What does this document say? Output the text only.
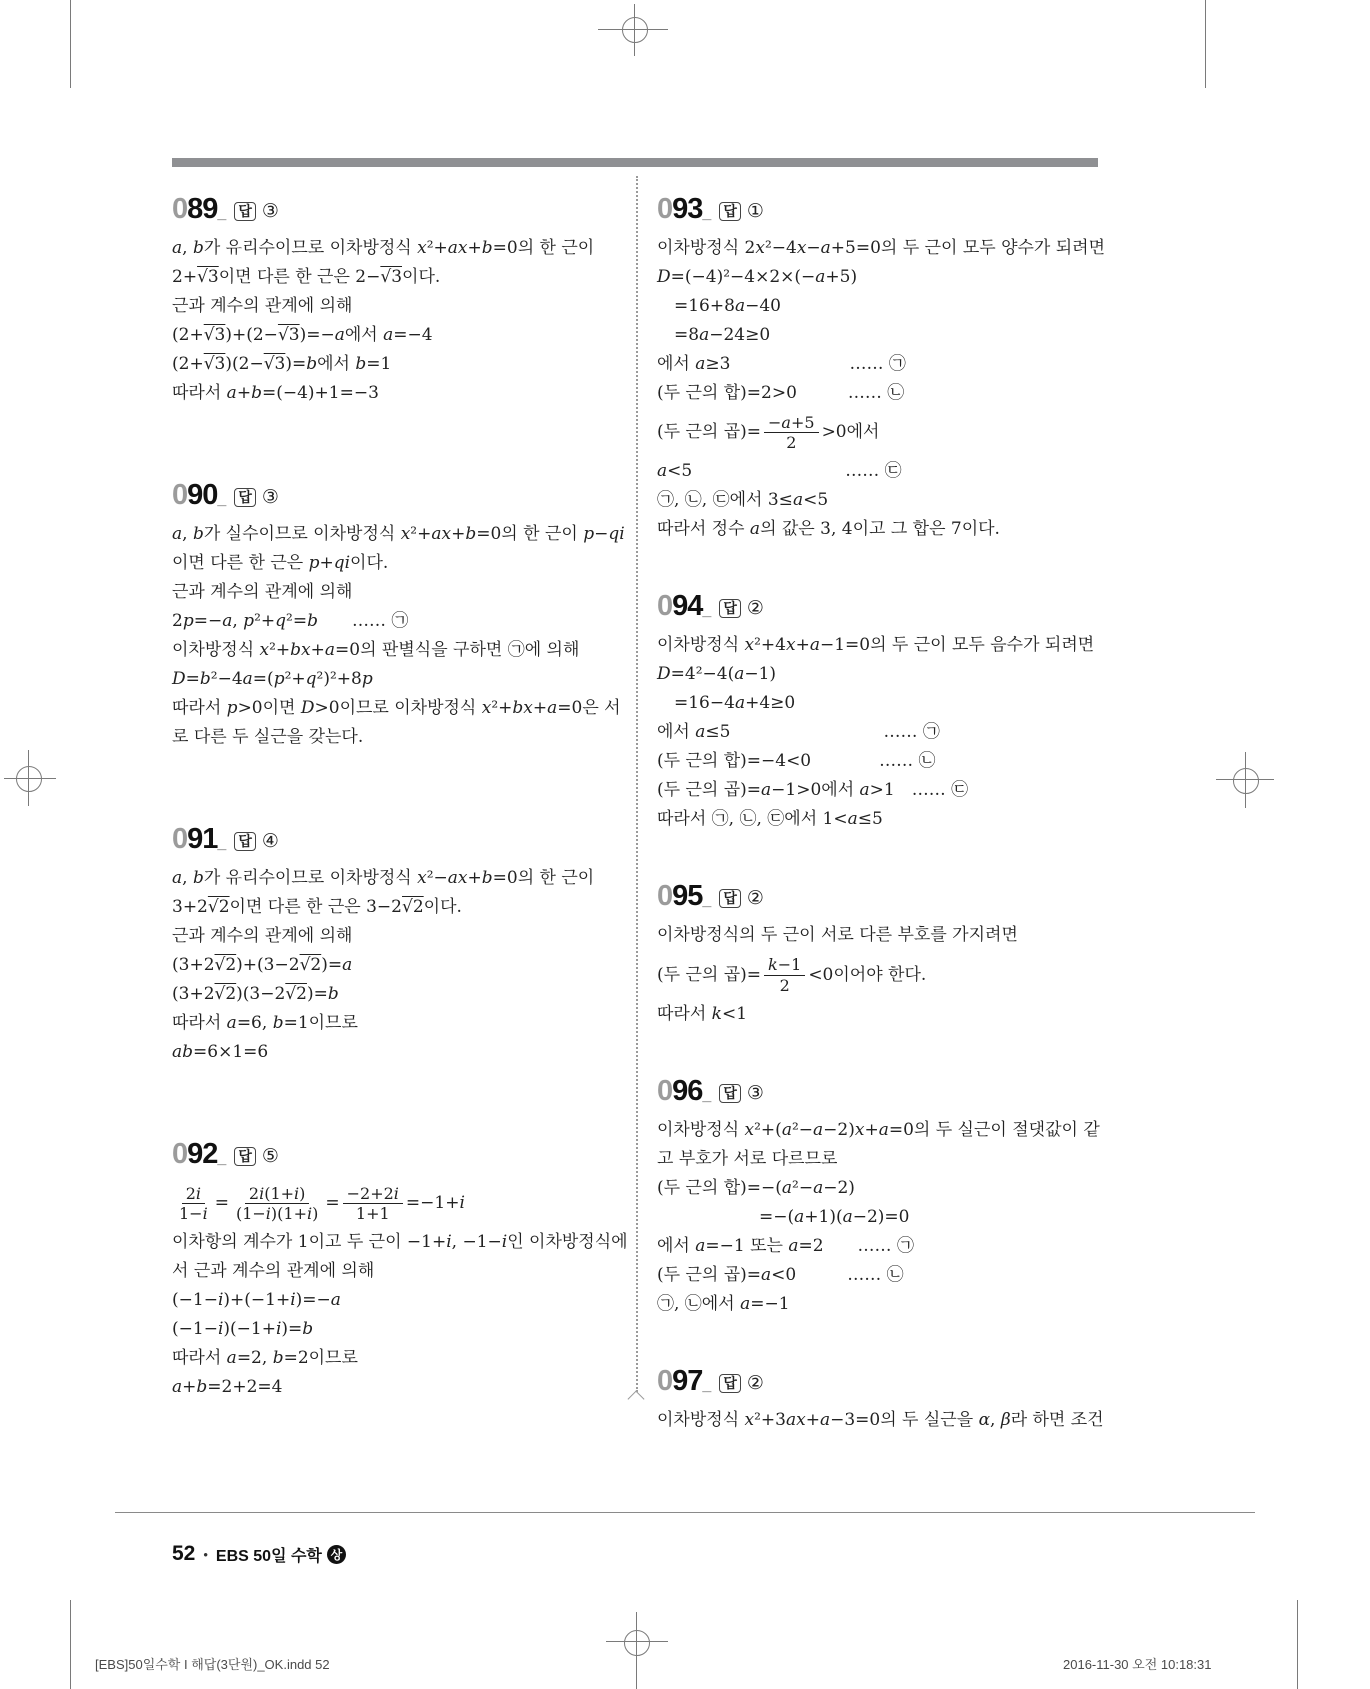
089_ 답 ③
a, b가 유리수이므로 이차방정식 x²+ax+b=0의 한 근이
2+√3이면 다른 한 근은 2−√3이다.
근과 계수의 관계에 의해
(2+√3)+(2−√3)=−a에서 a=−4
(2+√3)(2−√3)=b에서 b=1
따라서 a+b=(−4)+1=−3
090_ 답 ③
a, b가 실수이므로 이차방정식 x²+ax+b=0의 한 근이 p−qi
이면 다른 한 근은 p+qi이다.
근과 계수의 관계에 의해
2p=−a, p²+q²=b　　…… ㉠
이차방정식 x²+bx+a=0의 판별식을 구하면 ㉠에 의해
D=b²−4a=(p²+q²)²+8p
따라서 p>0이면 D>0이므로 이차방정식 x²+bx+a=0은 서
로 다른 두 실근을 갖는다.
091_ 답 ④
a, b가 유리수이므로 이차방정식 x²−ax+b=0의 한 근이
3+2√2이면 다른 한 근은 3−2√2이다.
근과 계수의 관계에 의해
(3+2√2)+(3−2√2)=a
(3+2√2)(3−2√2)=b
따라서 a=6, b=1이므로
ab=6×1=6
092_ 답 ⑤
$\frac{2i}{1-i} = \frac{2i(1+i)}{(1-i)(1+i)} = \frac{-2+2i}{1+1} =-1+i$
이차항의 계수가 1이고 두 근이 −1+i, −1−i인 이차방정식에
서 근과 계수의 관계에 의해
(−1−i)+(−1+i)=−a
(−1−i)(−1+i)=b
따라서 a=2, b=2이므로
a+b=2+2=4
093_ 답 ①
이차방정식 2x²−4x−a+5=0의 두 근이 모두 양수가 되려면
D=(−4)²−4×2×(−a+5)
　=16+8a−40
　=8a−24≥0
에서 a≥3　　　　　　　…… ㉠
(두 근의 합)=2>0　　　…… ㉡
(두 근의 곱)= $\frac{-a+5}{2} >0$에서
a<5　　　　　　　　　…… ㉢
㉠, ㉡, ㉢에서 3≤a<5
따라서 정수 a의 값은 3, 4이고 그 합은 7이다.
094_ 답 ②
이차방정식 x²+4x+a−1=0의 두 근이 모두 음수가 되려면
D=4²−4(a−1)
　=16−4a+4≥0
에서 a≤5　　　　　　　　　…… ㉠
(두 근의 합)=−4<0　　　　…… ㉡
(두 근의 곱)=a−1>0에서 a>1　…… ㉢
따라서 ㉠, ㉡, ㉢에서 1<a≤5
095_ 답 ②
이차방정식의 두 근이 서로 다른 부호를 가지려면
(두 근의 곱)= $\frac{k-1}{2} <0$이어야 한다.
따라서 k<1
096_ 답 ③
이차방정식 x²+(a²−a−2)x+a=0의 두 실근이 절댓값이 같
고 부호가 서로 다르므로
(두 근의 합)=−(a²−a−2)
　　　　　　=−(a+1)(a−2)=0
에서 a=−1 또는 a=2　　…… ㉠
(두 근의 곱)=a<0　　　…… ㉡
㉠, ㉡에서 a=−1
097_ 답 ②
이차방정식 x²+3ax+a−3=0의 두 실근을 α, β라 하면 조건
52 • EBS 50일 수학 상
[EBS]50일수학 I 해답(3단원)_OK.indd 52	2016-11-30 오전 10:18:31
